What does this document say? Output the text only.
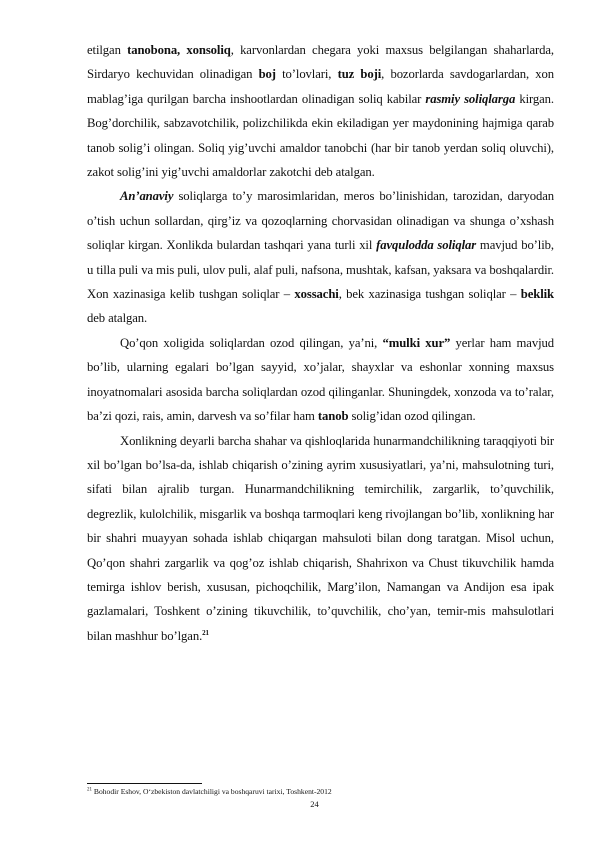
etilgan tanobona, xonsoliq, karvonlardan chegara yoki maxsus belgilangan shaharlarda, Sirdaryo kechuvidan olinadigan boj to’lovlari, tuz boji, bozorlarda savdogarlardan, xon mablag’iga qurilgan barcha inshootlardan olinadigan soliq kabilar rasmiy soliqlarga kirgan. Bog’dorchilik, sabzavotchilik, polizchilikda ekin ekiladigan yer maydonining hajmiga qarab tanob solig’i olingan. Soliq yig’uvchi amaldor tanobchi (har bir tanob yerdan soliq oluvchi), zakot solig’ini yig’uvchi amaldorlar zakotchi deb atalgan.

An’anaviy soliqlarga to’y marosimlaridan, meros bo’linishidan, tarozidan, daryodan o’tish uchun sollardan, qirg’iz va qozoqlarning chorvasidan olinadigan va shunga o’xshash soliqlar kirgan. Xonlikda bulardan tashqari yana turli xil favqulodda soliqlar mavjud bo’lib, u tilla puli va mis puli, ulov puli, alaf puli, nafsona, mushtak, kafsan, yaksara va boshqalardir. Xon xazinasiga kelib tushgan soliqlar – xossachi, bek xazinasiga tushgan soliqlar – beklik deb atalgan.

Qo’qon xoligida soliqlardan ozod qilingan, ya’ni, “mulki xur” yerlar ham mavjud bo’lib, ularning egalari bo’lgan sayyid, xo’jalar, shayxlar va eshonlar xonning maxsus inoyatnomalari asosida barcha soliqlardan ozod qilinganlar. Shuningdek, xonzoda va to’ralar, ba’zi qozi, rais, amin, darvesh va so’filar ham tanob solig’idan ozod qilingan.

Xonlikning deyarli barcha shahar va qishloqlarida hunarmandchilikning taraqqiyoti bir xil bo’lgan bo’lsa-da, ishlab chiqarish o’zining ayrim xususiyatlari, ya’ni, mahsulotning turi, sifati bilan ajralib turgan. Hunarmandchilikning temirchilik, zargarlik, to’quvchilik, degrezlik, kulolchilik, misgarlik va boshqa tarmoqlari keng rivojlangan bo’lib, xonlikning har bir shahri muayyan sohada ishlab chiqargan mahsuloti bilan dong taratgan. Misol uchun, Qo’qon shahri zargarlik va qog’oz ishlab chiqarish, Shahrixon va Chust tikuvchilik hamda temirga ishlov berish, xususan, pichoqchilik, Marg’ilon, Namangan va Andijon esa ipak gazlamalari, Toshkent o’zining tikuvchilik, to’quvchilik, cho’yan, temir-mis mahsulotlari bilan mashhur bo’lgan.$^{21}$

$^{21}$ Bohodir Eshov, O‘zbekiston davlatchiligi va boshqaruvi tarixi, Toshkent-2012
24
